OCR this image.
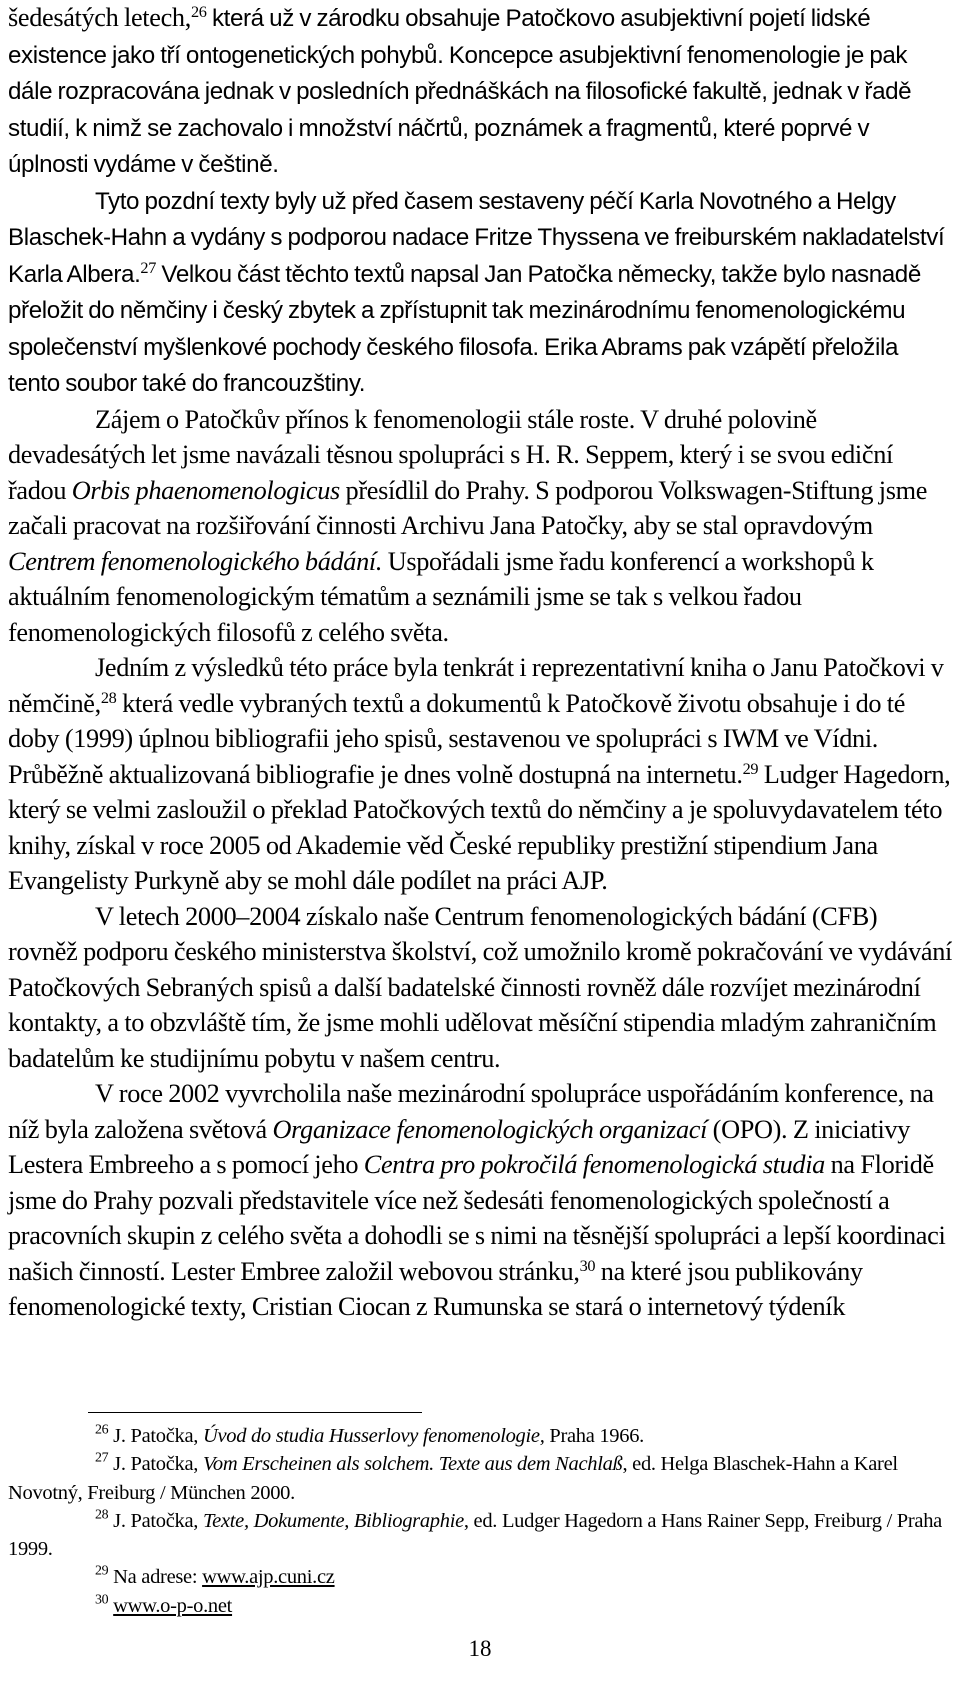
šedesátých letech,$^{26}$ která už v zárodku obsahuje Patočkovo asubjektivní pojetí lidské existence jako tří ontogenetických pohybů. Koncepce asubjektivní fenomenologie je pak dále rozpracována jednak v posledních přednáškách na filosofické fakultě, jednak v řadě studií, k nimž se zachovalo i množství náčrtů, poznámek a fragmentů, které poprvé v úplnosti vydáme v češtině.

Tyto pozdní texty byly už před časem sestaveny péčí Karla Novotného a Helgy Blaschek-Hahn a vydány s podporou nadace Fritze Thyssena ve freiburském nakladatelství Karla Albera.$^{27}$ Velkou část těchto textů napsal Jan Patočka německy, takže bylo nasnadě přeložit do němčiny i český zbytek a zpřístupnit tak mezinárodnímu fenomenologickému společenství myšlenkové pochody českého filosofa. Erika Abrams pak vzápětí přeložila tento soubor také do francouzštiny.

Zájem o Patočkův přínos k fenomenologii stále roste. V druhé polovině devadesátých let jsme navázali těsnou spolupráci s H. R. Seppem, který i se svou ediční řadou Orbis phaenomenologicus přesídlil do Prahy. S podporou Volkswagen-Stiftung jsme začali pracovat na rozšiřování činnosti Archivu Jana Patočky, aby se stal opravdovým Centrem fenomenologického bádání. Uspořádali jsme řadu konferencí a workshopů k aktuálním fenomenologickým tématům a seznámili jsme se tak s velkou řadou fenomenologických filosofů z celého světa.

Jedním z výsledků této práce byla tenkrát i reprezentativní kniha o Janu Patočkovi v němčině,$^{28}$ která vedle vybraných textů a dokumentů k Patočkově životu obsahuje i do té doby (1999) úplnou bibliografii jeho spisů, sestavenou ve spolupráci s IWM ve Vídni. Průběžně aktualizovaná bibliografie je dnes volně dostupná na internetu.$^{29}$ Ludger Hagedorn, který se velmi zasloužil o překlad Patočkových textů do němčiny a je spoluvydavatelem této knihy, získal v roce 2005 od Akademie věd České republiky prestižní stipendium Jana Evangelisty Purkyně aby se mohl dále podílet na práci AJP.

V letech 2000–2004 získalo naše Centrum fenomenologických bádání (CFB) rovněž podporu českého ministerstva školství, což umožnilo kromě pokračování ve vydávání Patočkových Sebraných spisů a další badatelské činnosti rovněž dále rozvíjet mezinárodní kontakty, a to obzvláště tím, že jsme mohli udělovat měsíční stipendia mladým zahraničním badatelům ke studijnímu pobytu v našem centru.

V roce 2002 vyvrcholila naše mezinárodní spolupráce uspořádáním konference, na níž byla založena světová Organizace fenomenologických organizací (OPO). Z iniciativy Lestera Embreeho a s pomocí jeho Centra pro pokročilá fenomenologická studia na Floridě jsme do Prahy pozvali představitele více než šedesáti fenomenologických společností a pracovních skupin z celého světa a dohodli se s nimi na těsnější spolupráci a lepší koordinaci našich činností. Lester Embree založil webovou stránku,$^{30}$ na které jsou publikovány fenomenologické texty, Cristian Ciocan z Rumunska se stará o internetový týdeník

$^{26}$ J. Patočka, Úvod do studia Husserlovy fenomenologie, Praha 1966.

$^{27}$ J. Patočka, Vom Erscheinen als solchem. Texte aus dem Nachlaß, ed. Helga Blaschek-Hahn a Karel Novotný, Freiburg / München 2000.

$^{28}$ J. Patočka, Texte, Dokumente, Bibliographie, ed. Ludger Hagedorn a Hans Rainer Sepp, Freiburg / Praha 1999.

$^{29}$ Na adrese: www.ajp.cuni.cz

$^{30}$ www.o-p-o.net

18
